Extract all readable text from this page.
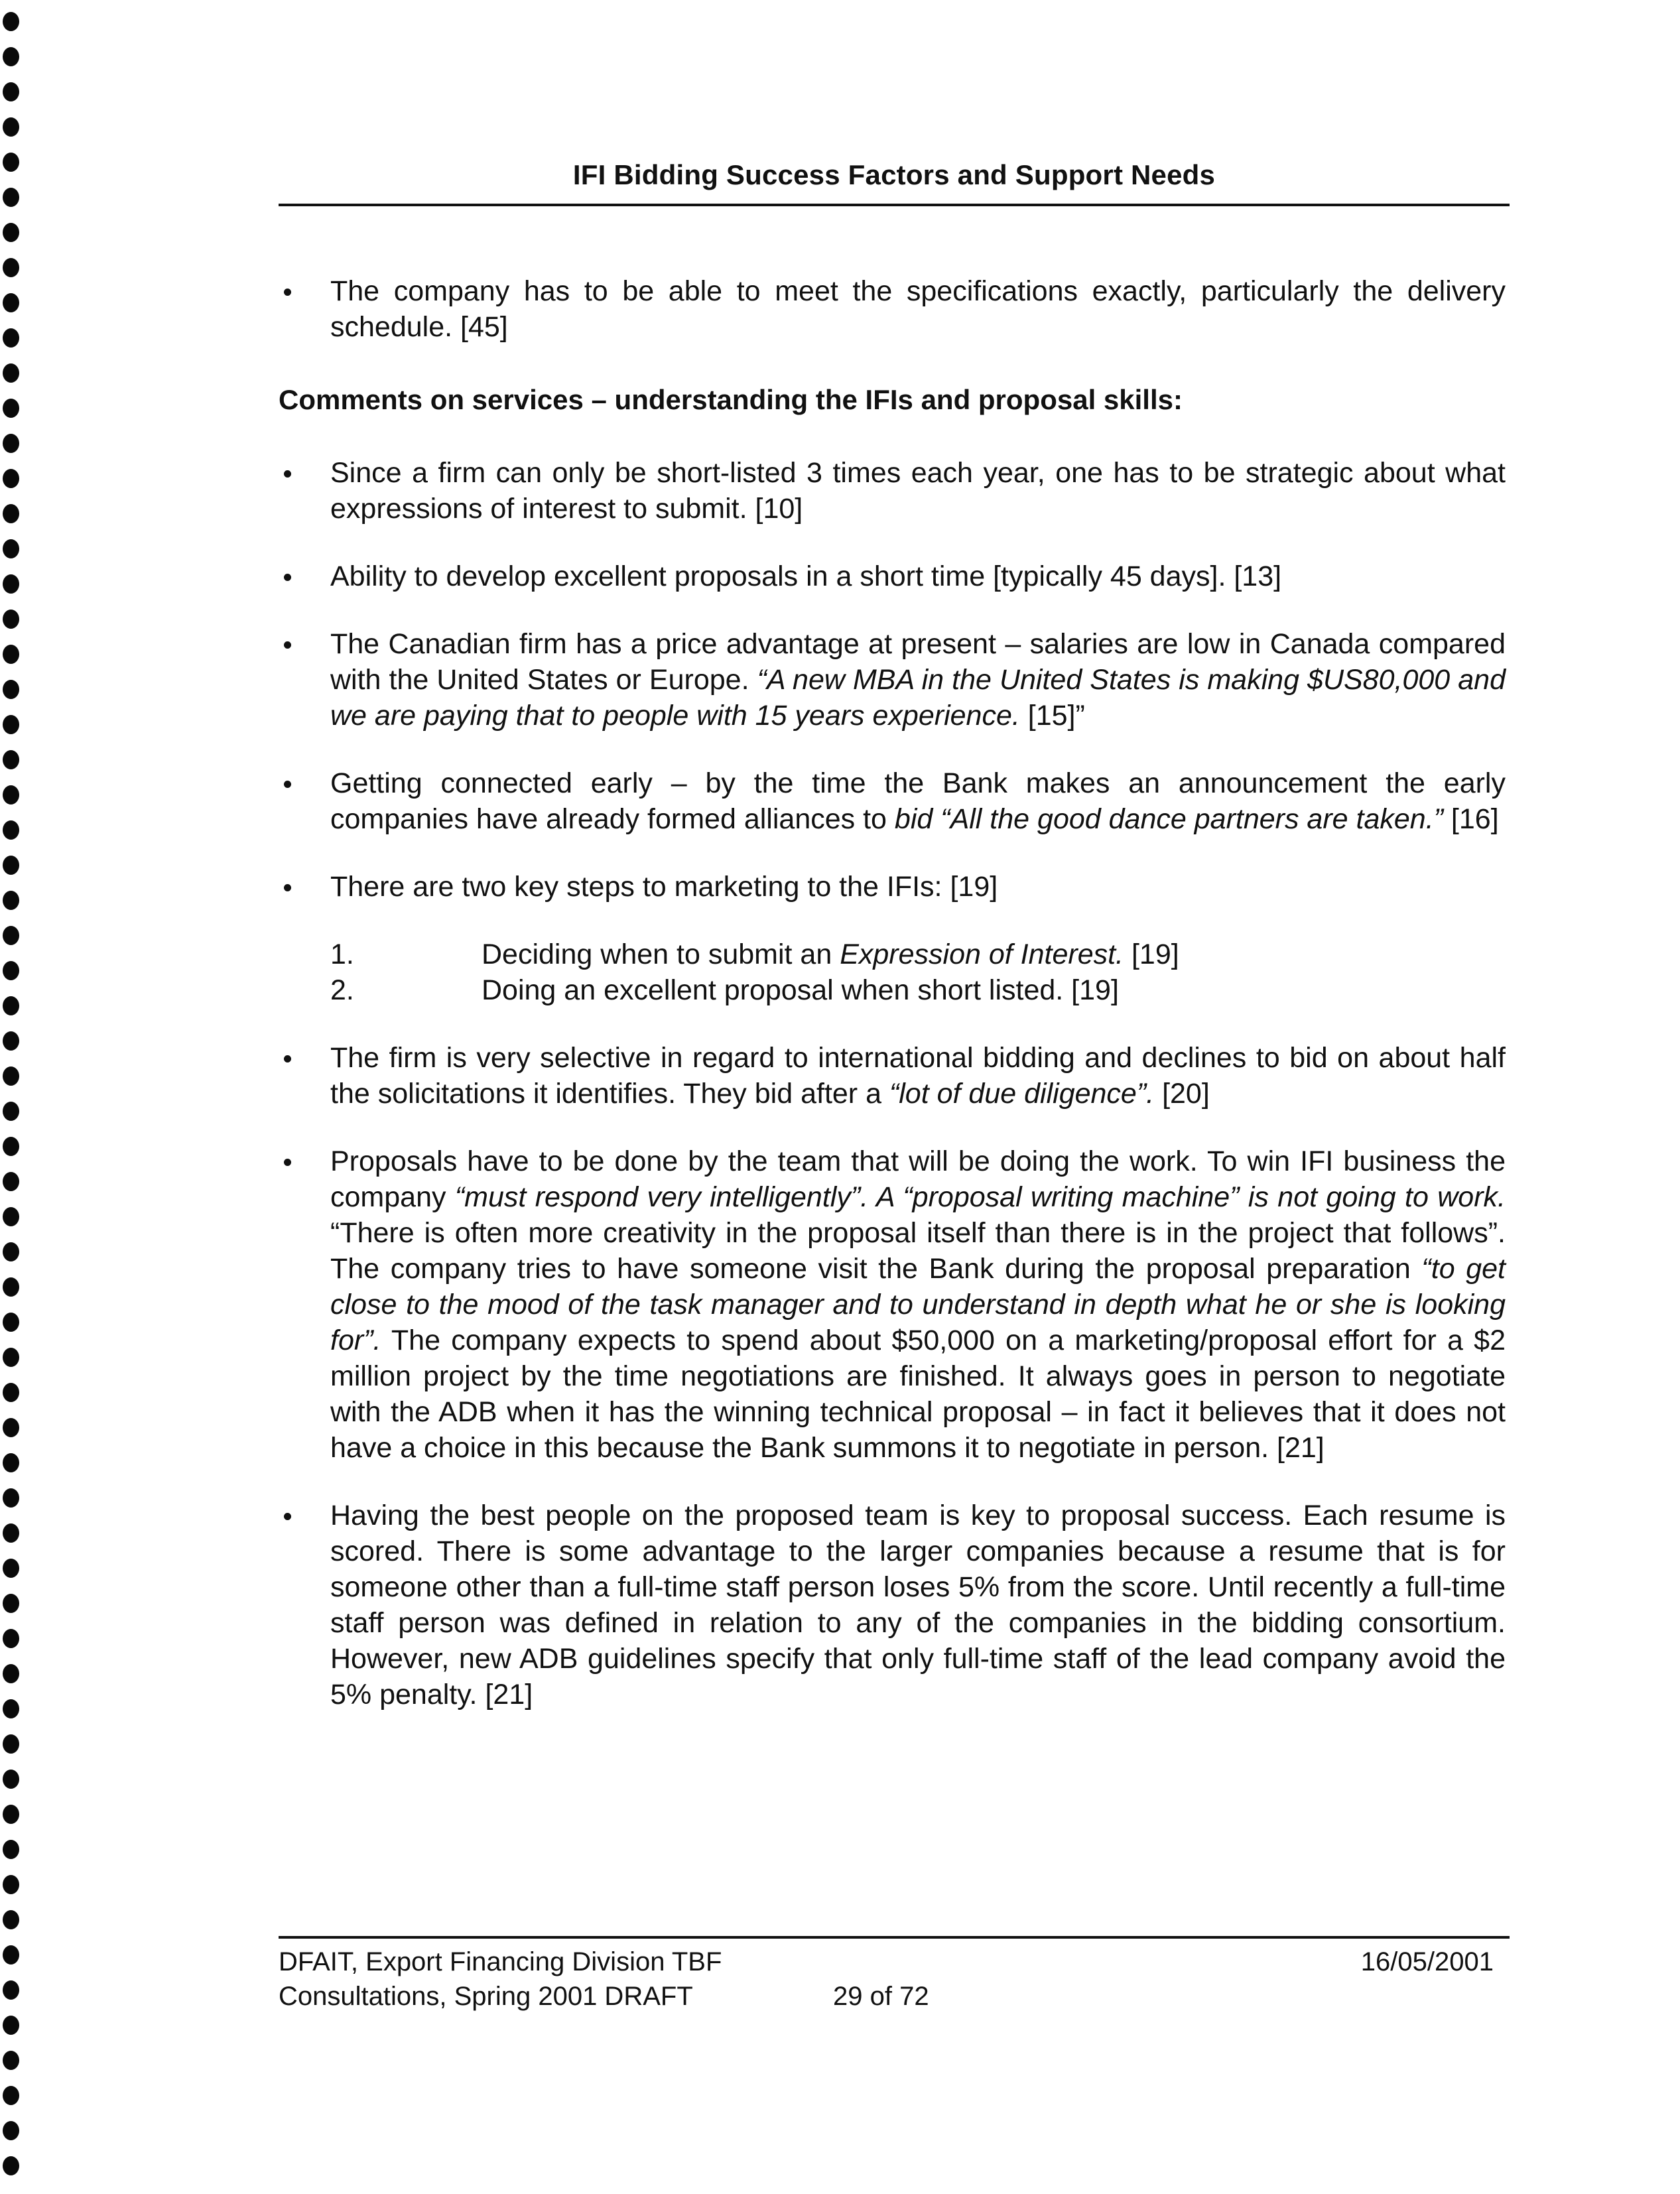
IFI Bidding Success Factors and Support Needs
The company has to be able to meet the specifications exactly, particularly the delivery schedule. [45]

Comments on services – understanding the IFIs and proposal skills:

Since a firm can only be short-listed 3 times each year, one has to be strategic about what expressions of interest to submit. [10]
Ability to develop excellent proposals in a short time [typically 45 days]. [13]
The Canadian firm has a price advantage at present – salaries are low in Canada compared with the United States or Europe. “A new MBA in the United States is making $US80,000 and we are paying that to people with 15 years experience. [15]”
Getting connected early – by the time the Bank makes an announcement the early companies have already formed alliances to bid “All the good dance partners are taken.” [16]
There are two key steps to marketing to the IFIs: [19]
1.	Deciding when to submit an Expression of Interest. [19]
2.	Doing an excellent proposal when short listed. [19]
The firm is very selective in regard to international bidding and declines to bid on about half the solicitations it identifies. They bid after a “lot of due diligence”. [20]
Proposals have to be done by the team that will be doing the work. To win IFI business the company “must respond very intelligently”. A “proposal writing machine” is not going to work. “There is often more creativity in the proposal itself than there is in the project that follows”. The company tries to have someone visit the Bank during the proposal preparation “to get close to the mood of the task manager and to understand in depth what he or she is looking for”. The company expects to spend about $50,000 on a marketing/proposal effort for a $2 million project by the time negotiations are finished. It always goes in person to negotiate with the ADB when it has the winning technical proposal – in fact it believes that it does not have a choice in this because the Bank summons it to negotiate in person. [21]
Having the best people on the proposed team is key to proposal success. Each resume is scored. There is some advantage to the larger companies because a resume that is for someone other than a full-time staff person loses 5% from the score. Until recently a full-time staff person was defined in relation to any of the companies in the bidding consortium. However, new ADB guidelines specify that only full-time staff of the lead company avoid the 5% penalty. [21]
DFAIT, Export Financing Division TBF
Consultations, Spring 2001 DRAFT	29 of 72
16/05/2001
